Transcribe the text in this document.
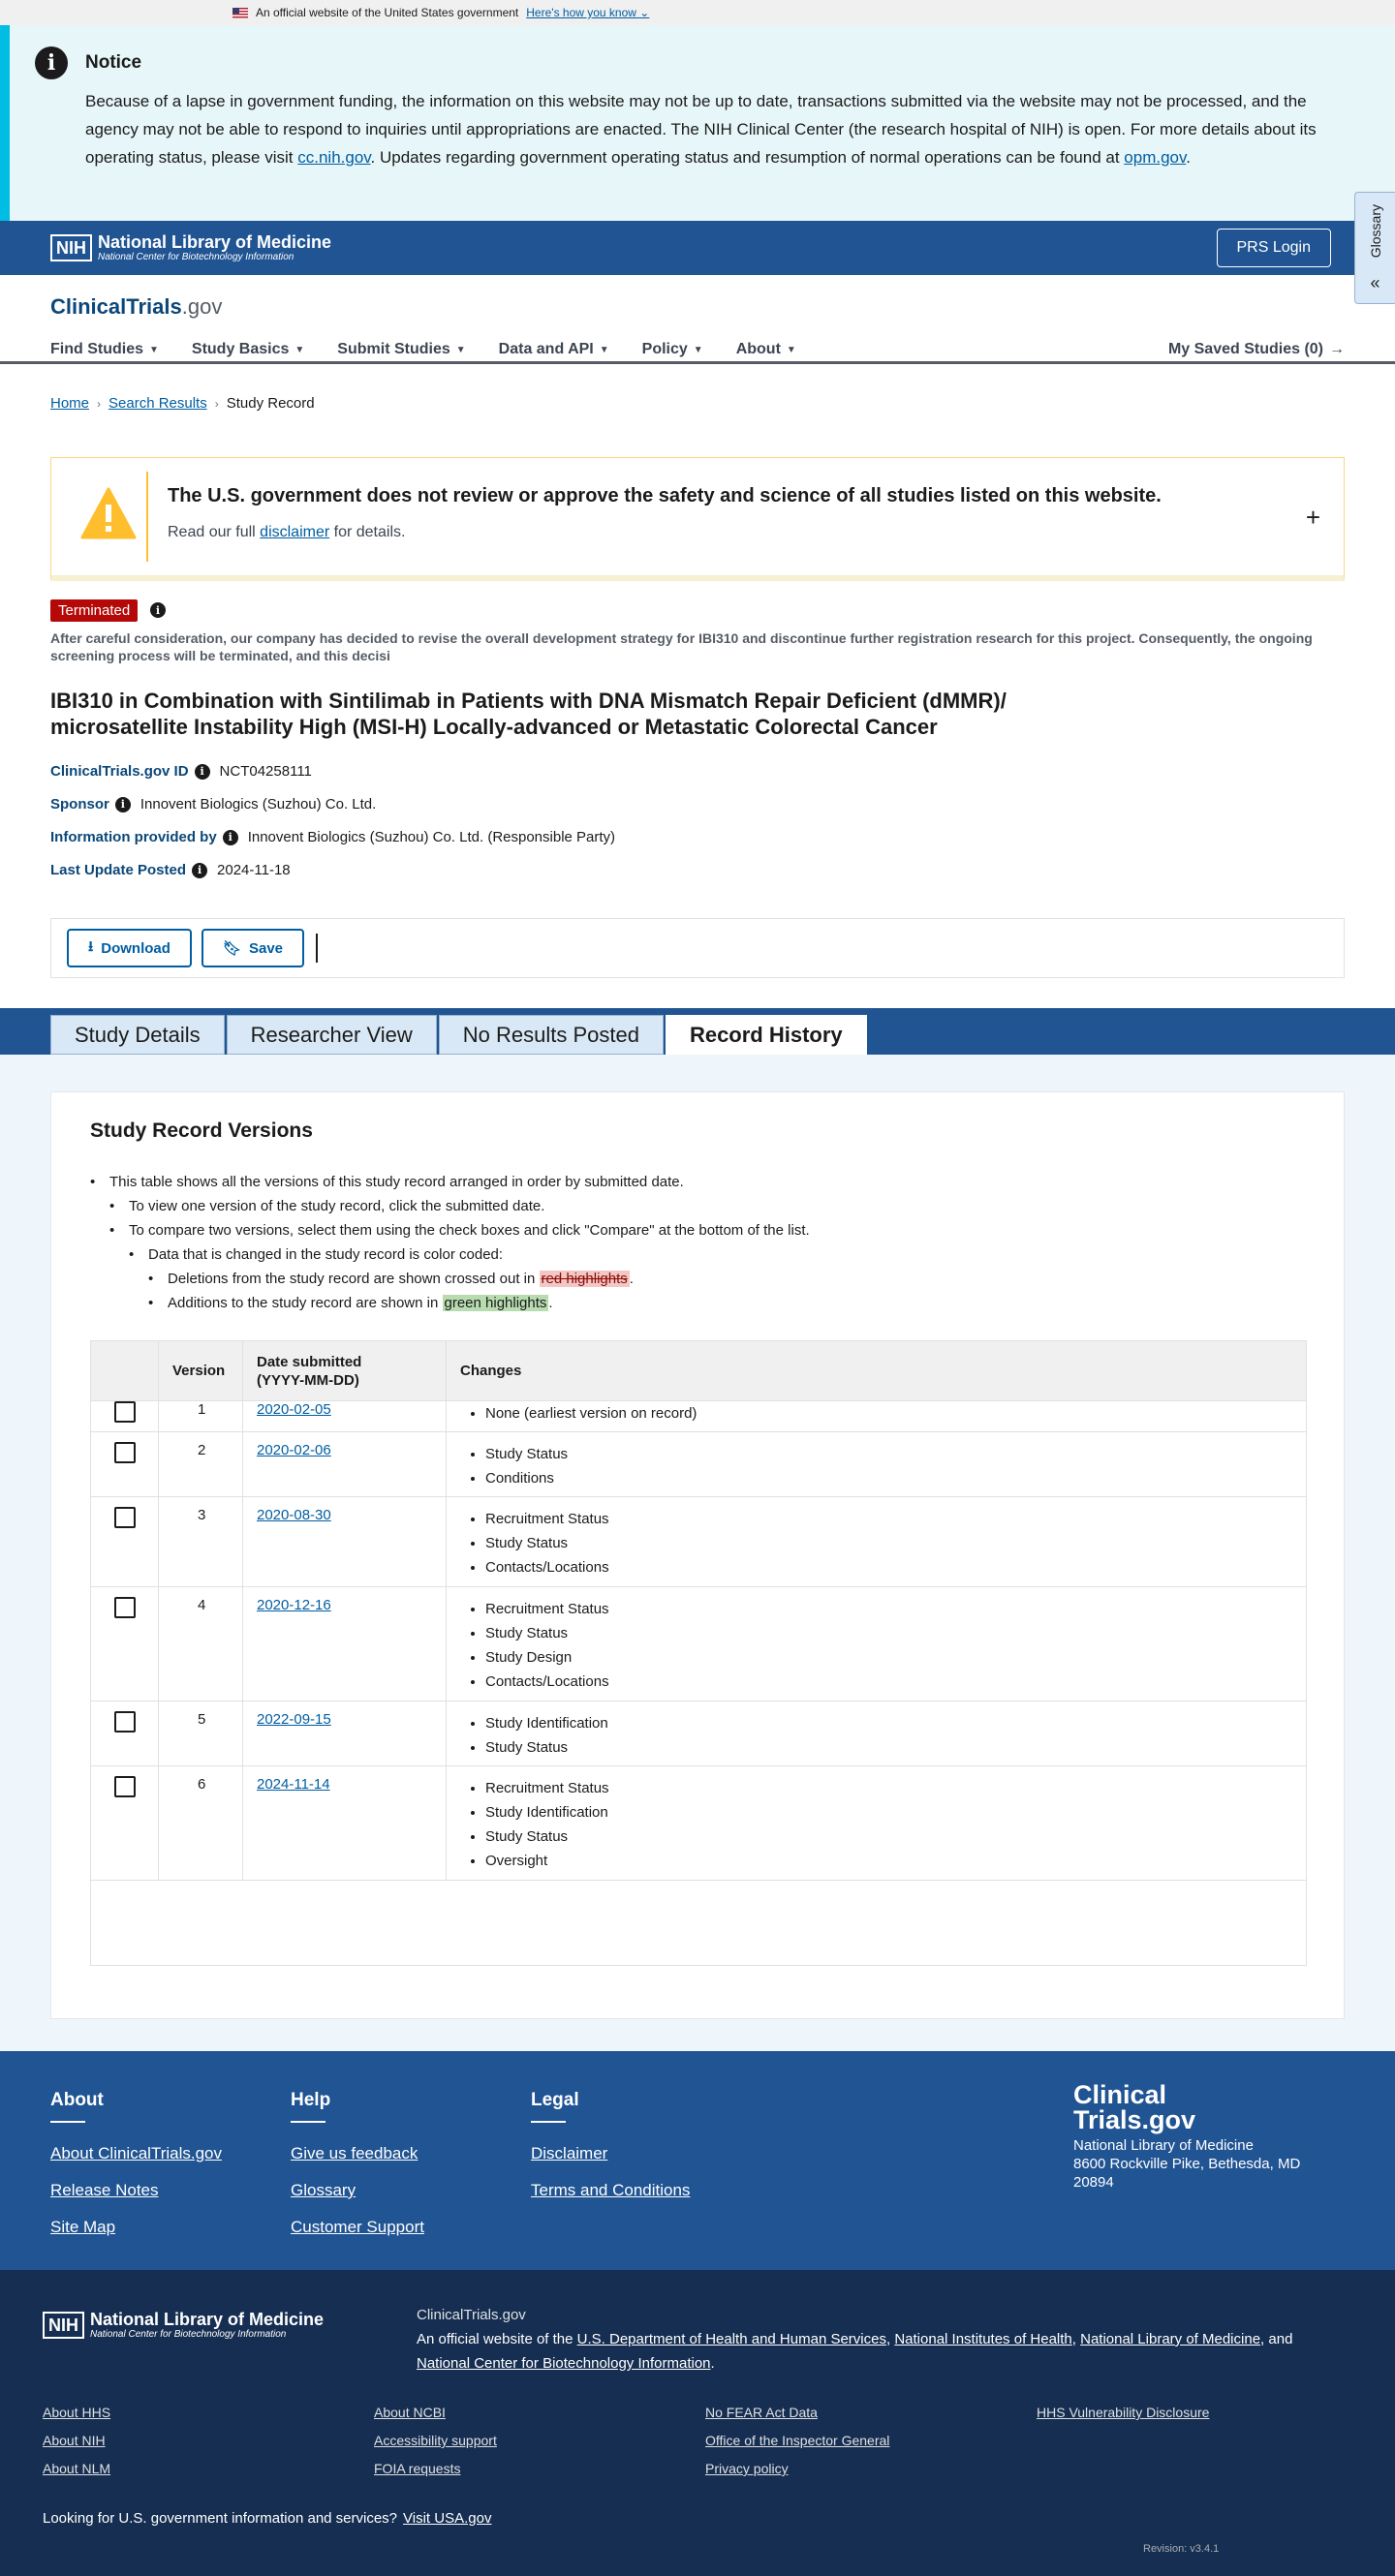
An official website of the United States government Here's how you know ⌄
i	Notice

Because of a lapse in government funding, the information on this website may not be up to date, transactions submitted via the website may not be processed, and the agency may not be able to respond to inquiries until appropriations are enacted. The NIH Clinical Center (the research hospital of NIH) is open. For more details about its operating status, please visit cc.nih.gov. Updates regarding government operating status and resumption of normal operations can be found at opm.gov.

NIH National Library of Medicine
National Center for Biotechnology Information
PRS Login	Glossary
«
ClinicalTrials.gov
Find Studies ▼ Study Basics ▼ Submit Studies ▼ Data and API ▼ Policy ▼ About ▼	My Saved Studies (0) →
Home › Search Results › Study Record
The U.S. government does not review or approve the safety and science of all studies listed on this website.
Read our full disclaimer for details.
+
Terminated	i
After careful consideration, our company has decided to revise the overall development strategy for IBI310 and discontinue further registration research for this project. Consequently, the ongoing screening process will be terminated, and this decisi
IBI310 in Combination with Sintilimab in Patients with DNA Mismatch Repair Deficient (dMMR)/ microsatellite Instability High (MSI-H) Locally-advanced or Metastatic Colorectal Cancer
ClinicalTrials.gov ID	i	NCT04258111
Sponsor	i	Innovent Biologics (Suzhou) Co. Ltd.
Information provided by	i	Innovent Biologics (Suzhou) Co. Ltd. (Responsible Party)
Last Update Posted	i	2024-11-18
⭳ Download	🔖︎ Save
Study Details	Researcher View	No Results Posted	Record History
Study Record Versions
• This table shows all the versions of this study record arranged in order by submitted date.
• To view one version of the study record, click the submitted date.
• To compare two versions, select them using the check boxes and click "Compare" at the bottom of the list.
• Data that is changed in the study record is color coded:
• Deletions from the study record are shown crossed out in red highlights .
• Additions to the study record are shown in green highlights .
Version
Date submitted
(YYYY-MM-DD)
Changes
1	2020-02-05	• None (earliest version on record)
2	2020-02-06	• Study Status
• Conditions
3	2020-08-30	• Recruitment Status
• Study Status
• Contacts/Locations
4	2020-12-16	• Recruitment Status
• Study Status
• Study Design
• Contacts/Locations
5	2022-09-15	• Study Identification
• Study Status
6	2024-11-14	• Recruitment Status
• Study Identification
• Study Status
• Oversight
About
About ClinicalTrials.gov
Release Notes
Site Map
Help
Give us feedback
Glossary
Customer Support
Legal
Disclaimer
Terms and Conditions
Clinical
Trials.gov
National Library of Medicine
8600 Rockville Pike, Bethesda, MD
20894
NIH National Library of Medicine
National Center for Biotechnology Information
ClinicalTrials.gov
An official website of the U.S. Department of Health and Human Services, National Institutes of Health, National Library of Medicine, and National Center for Biotechnology Information.
About HHS
About NIH
About NLM
About NCBI
Accessibility support
FOIA requests
No FEAR Act Data
Office of the Inspector General
Privacy policy
HHS Vulnerability Disclosure
Looking for U.S. government information and services? Visit USA.gov
Revision: v3.4.1
